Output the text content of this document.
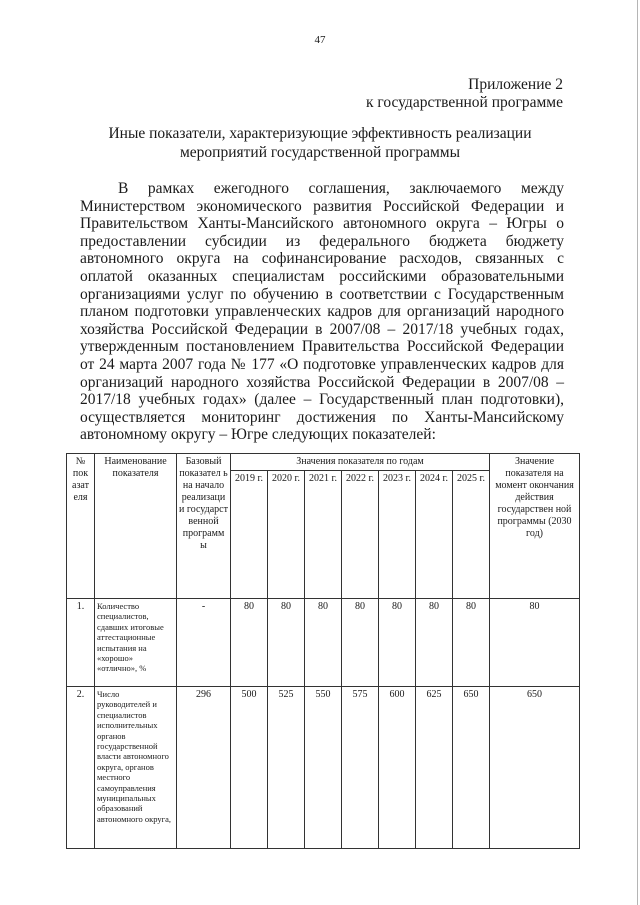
47
Приложение 2
к государственной программе
Иные показатели, характеризующие эффективность реализации
мероприятий государственной программы

В рамках ежегодного соглашения, заключаемого между Министерством экономического развития Российской Федерации и Правительством Ханты-Мансийского автономного округа – Югры о предоставлении субсидии из федерального бюджета бюджету автономного округа на софинансирование расходов, связанных с оплатой оказанных специалистам российскими образовательными организациями услуг по обучению в соответствии с Государственным планом подготовки управленческих кадров для организаций народного хозяйства Российской Федерации в 2007/08 – 2017/18 учебных годах, утвержденным постановлением Правительства Российской Федерации от 24 марта 2007 года № 177 «О подготовке управленческих кадров для организаций народного хозяйства Российской Федерации в 2007/08 – 2017/18 учебных годах» (далее – Государственный план подготовки), осуществляется мониторинг достижения по Ханты-Мансийскому автономному округу – Югре следующих показателей:

№ пок азат еля	Наименование показателя	Базовый показател ь на начало реализаци и государст венной программ ы	Значения показателя по годам							Значение показателя на момент окончания действия государствен ной программы (2030 год)
			2019 г.	2020 г.	2021 г.	2022 г.	2023 г.	2024 г.	2025 г.	
1.	Количество специалистов, сдавших итоговые аттестационные испытания на «хорошо» «отлично», %	-	80	80	80	80	80	80	80	80
2.	Число руководителей и специалистов исполнительных органов государственной власти автономного округа, органов местного самоуправления муниципальных образований автономного округа,	296	500	525	550	575	600	625	650	650
